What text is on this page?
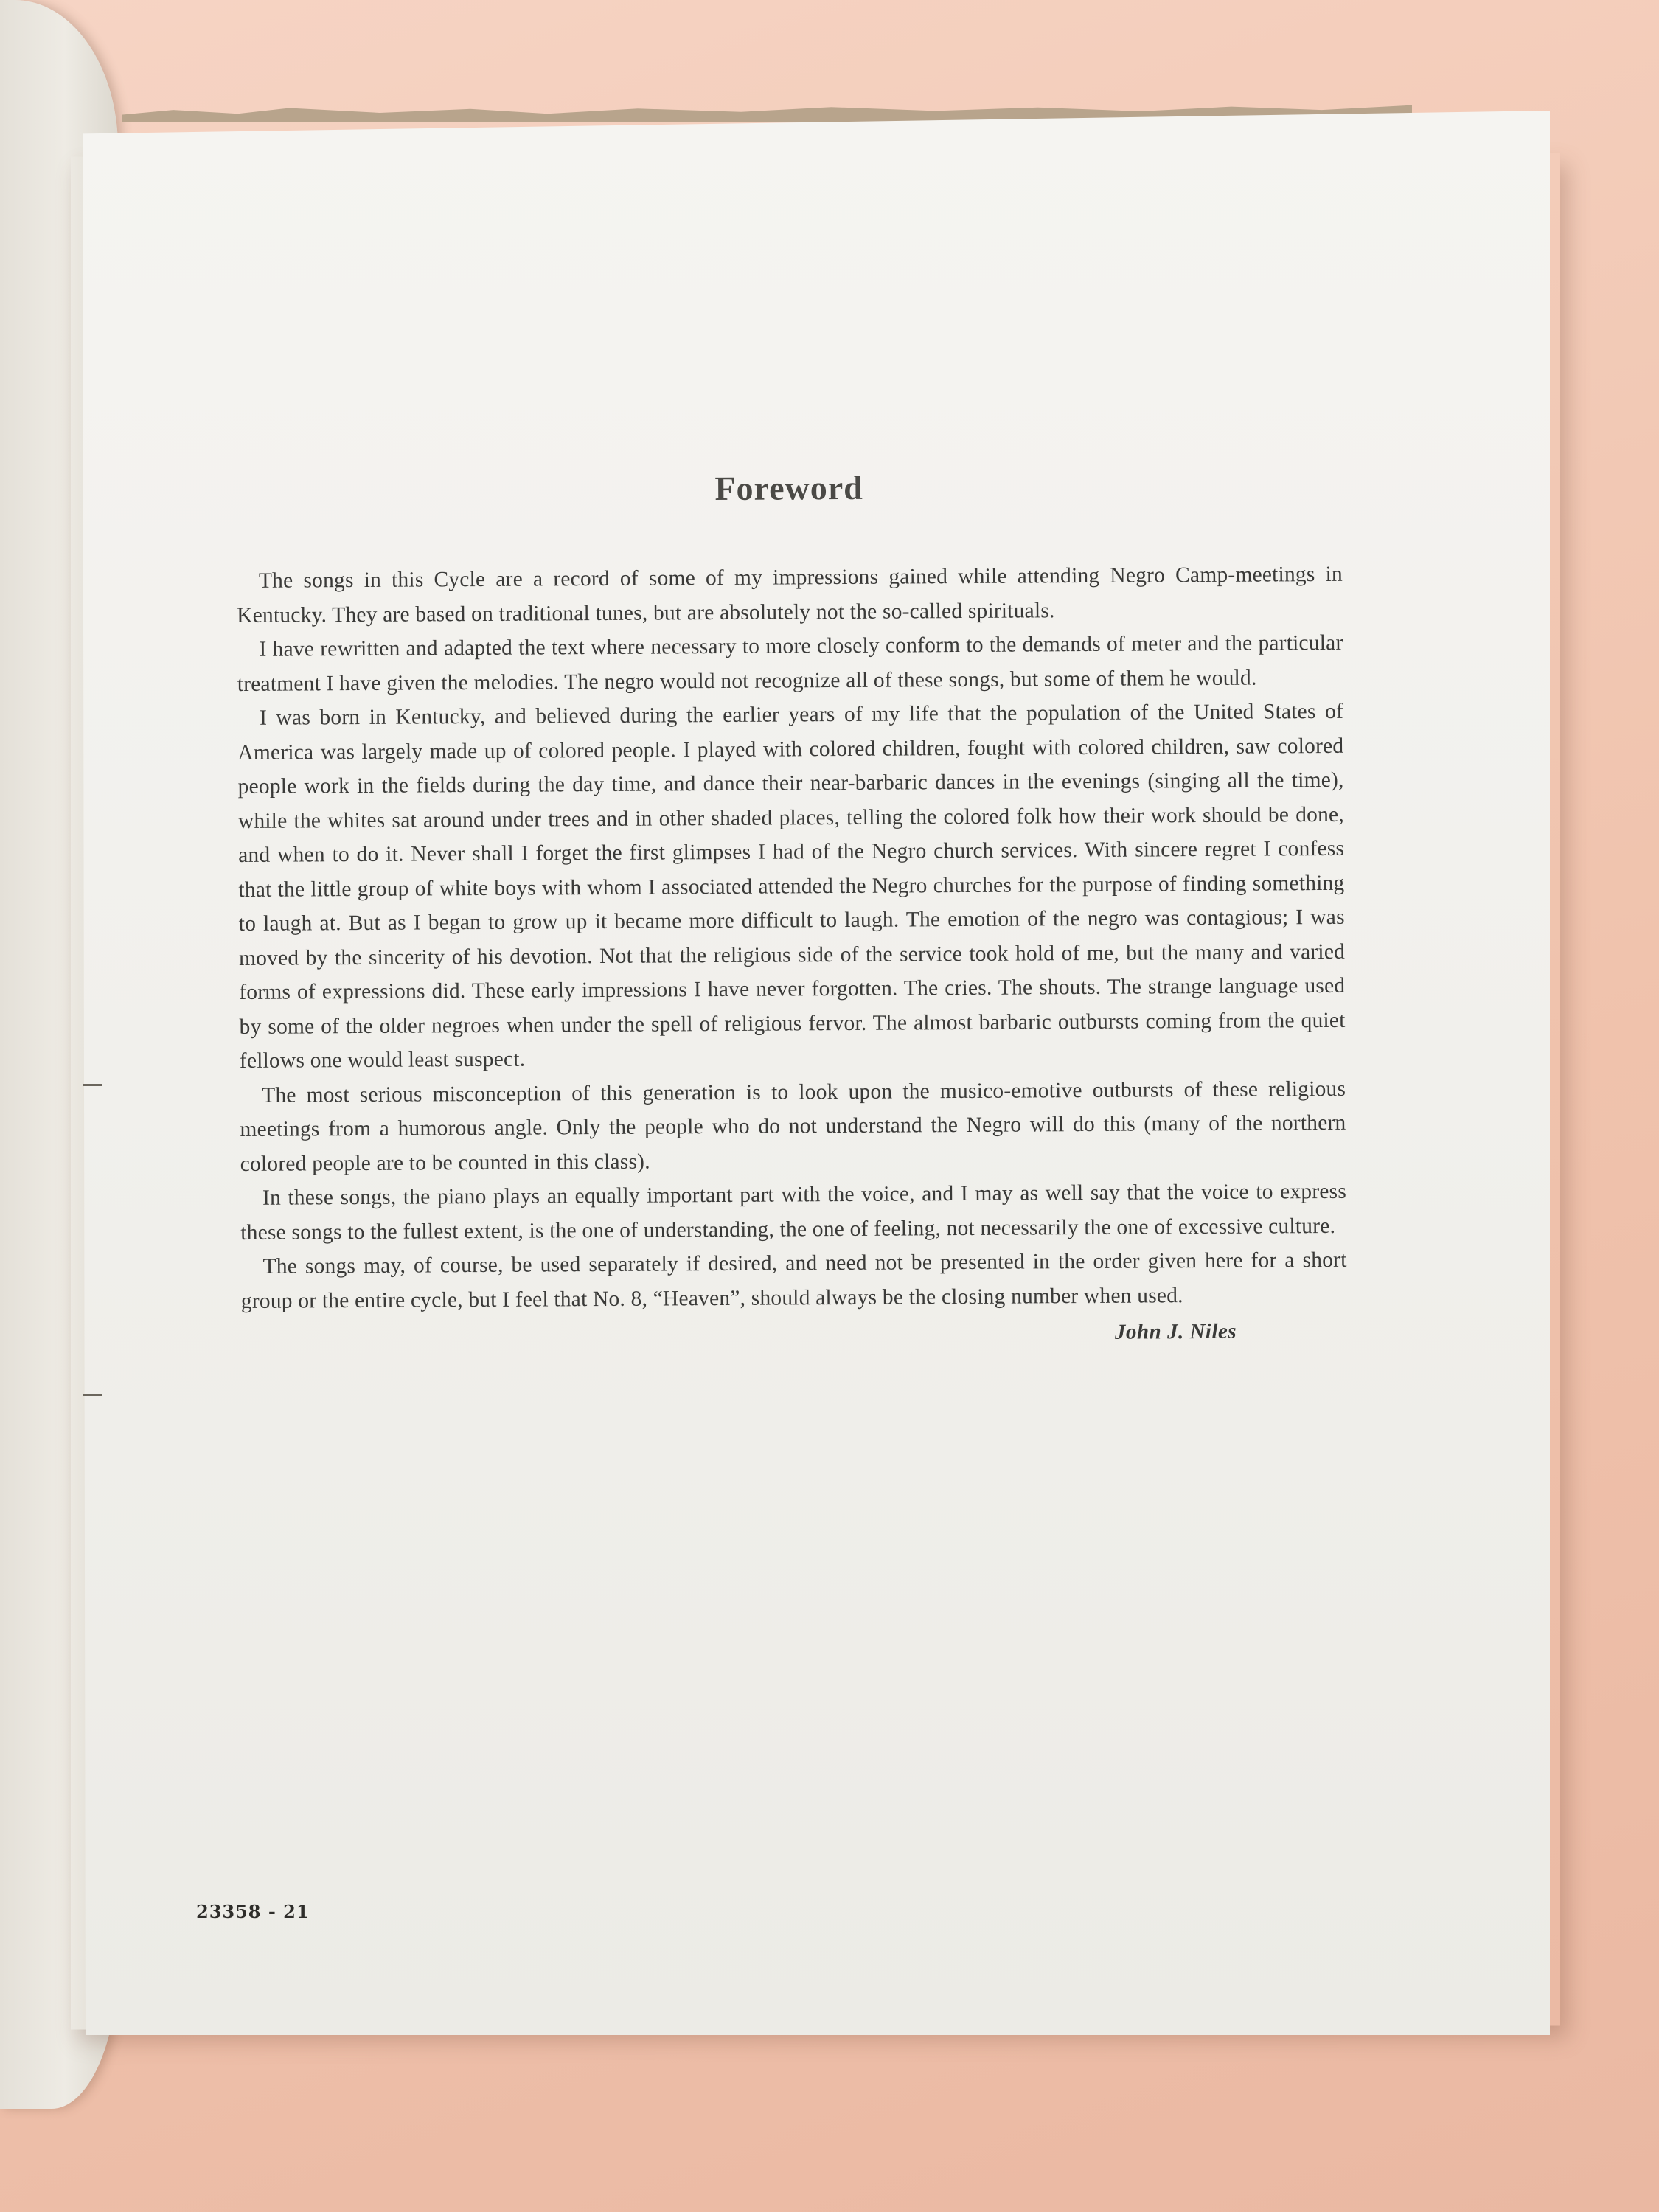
Foreword

The songs in this Cycle are a record of some of my impressions gained while attending Negro Camp-meetings in Kentucky. They are based on traditional tunes, but are absolutely not the so-called spirituals.

I have rewritten and adapted the text where necessary to more closely conform to the demands of meter and the particular treatment I have given the melodies. The negro would not recognize all of these songs, but some of them he would.

I was born in Kentucky, and believed during the earlier years of my life that the population of the United States of America was largely made up of colored people. I played with colored children, fought with colored children, saw colored people work in the fields during the day time, and dance their near-barbaric dances in the evenings (singing all the time), while the whites sat around under trees and in other shaded places, telling the colored folk how their work should be done, and when to do it. Never shall I forget the first glimpses I had of the Negro church services. With sincere regret I confess that the little group of white boys with whom I associated attended the Negro churches for the purpose of finding something to laugh at. But as I began to grow up it became more difficult to laugh. The emotion of the negro was contagious; I was moved by the sincerity of his devotion. Not that the religious side of the service took hold of me, but the many and varied forms of expressions did. These early impressions I have never forgotten. The cries. The shouts. The strange language used by some of the older negroes when under the spell of religious fervor. The almost barbaric outbursts coming from the quiet fellows one would least suspect.

The most serious misconception of this generation is to look upon the musico-emotive outbursts of these religious meetings from a humorous angle. Only the people who do not understand the Negro will do this (many of the northern colored people are to be counted in this class).

In these songs, the piano plays an equally important part with the voice, and I may as well say that the voice to express these songs to the fullest extent, is the one of understanding, the one of feeling, not necessarily the one of excessive culture.

The songs may, of course, be used separately if desired, and need not be presented in the order given here for a short group or the entire cycle, but I feel that No. 8, “Heaven”, should always be the closing number when used.

John J. Niles
23358 - 21
